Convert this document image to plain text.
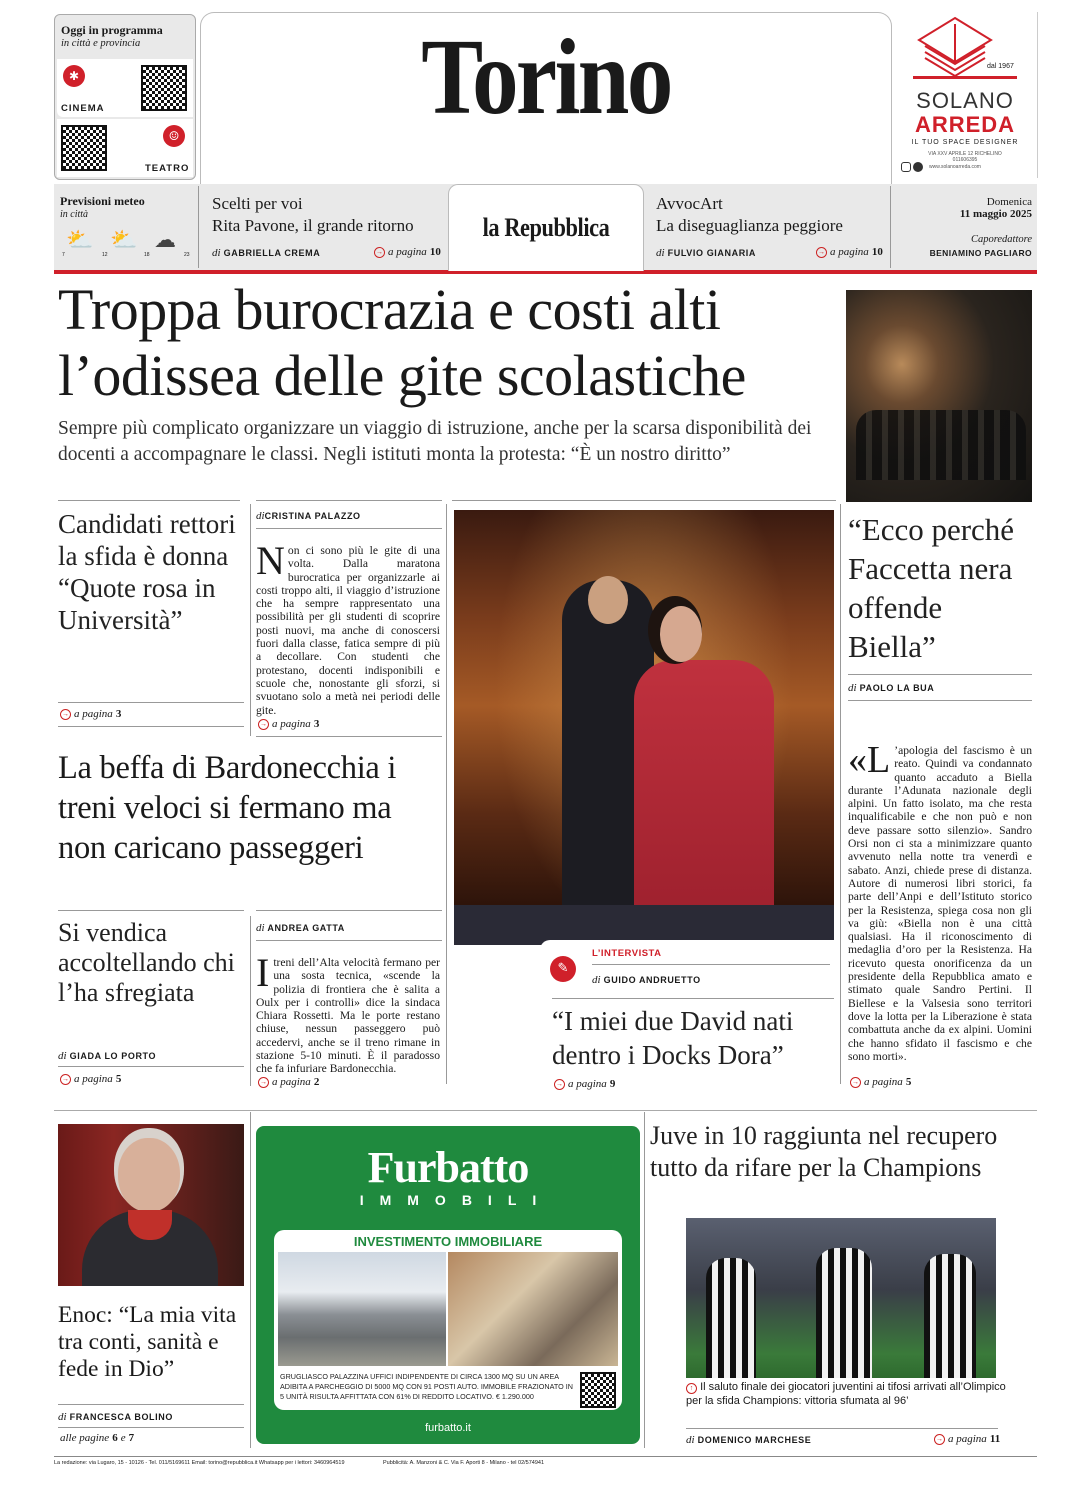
Oggi in programma
in città e provincia
✱
CINEMA
☺
TEATRO
Torino	dal 1967
SOLANO
ARREDA
IL TUO SPACE DESIGNER
VIA XXV APRILE 12 RICHELINO
011606395
www.solanoarreda.com
Previsioni meteo
in città
⛅ ⛅ ☁
7	12	18	23
Scelti per voi
Rita Pavone, il grande ritorno
di GABRIELLA CREMA	→ a pagina 10
la Repubblica
AvvocArt
La diseguaglianza peggiore
di FULVIO GIANARIA	→ a pagina 10
Domenica
11 maggio 2025
Caporedattore
BENIAMINO PAGLIARO
Troppa burocrazia e costi alti
l’odissea delle gite scolastiche
Sempre più complicato organizzare un viaggio di istruzione, anche per la scarsa disponibilità dei docenti a accompagnare le classi. Negli istituti monta la protesta: “È un nostro diritto”
Candidati rettori la sfida è donna “Quote rosa in Università”
→ a pagina 3
diCRISTINA PALAZZO
Non ci sono più le gite di una volta. Dalla maratona burocratica per organizzarle ai costi troppo alti, il viaggio d’istruzione che ha sempre rappresentato una possibilità per gli studenti di scoprire posti nuovi, ma anche di conoscersi fuori dalla classe, fatica sempre di più a decollare. Con studenti che protestano, docenti indisponibili e scuole che, nonostante gli sforzi, si svuotano solo a metà nei periodi delle gite.
→ a pagina 3
✎
L’INTERVISTA
di GUIDO ANDRUETTO
“I miei due David nati dentro i Docks Dora”
→ a pagina 9
La beffa di Bardonecchia i treni veloci si fermano ma non caricano passeggeri
Si vendica accoltellando chi l’ha sfregiata
di GIADA LO PORTO
→ a pagina 5
di ANDREA GATTA
Itreni dell’Alta velocità fermano per una sosta tecnica, «scende la polizia di frontiera che è salita a Oulx per i controlli» dice la sindaca Chiara Rossetti. Ma le porte restano chiuse, nessun passeggero può accedervi, anche se il treno rimane in stazione 5-10 minuti. È il paradosso che fa infuriare Bardonecchia.
→ a pagina 2
“Ecco perché Faccetta nera offende Biella”
di PAOLO LA BUA
«L ’apologia del fascismo è un reato. Quindi va condannato quanto accaduto a Biella durante l’Adunata nazionale degli alpini. Un fatto isolato, ma che resta inqualificabile e che non può e non deve passare sotto silenzio». Sandro Orsi non ci sta a minimizzare quanto avvenuto nella notte tra venerdì e sabato. Anzi, chiede prese di distanza. Autore di numerosi libri storici, fa parte dell’Anpi e dell’Istituto storico per la Resistenza, spiega cosa non gli va giù: «Biella non è una città qualsiasi. Ha il riconoscimento di medaglia d’oro per la Resistenza. Ha ricevuto questa onorificenza da un presidente della Repubblica amato e stimato quale Sandro Pertini. Il Biellese e la Valsesia sono territori dove la lotta per la Liberazione è stata combattuta anche da ex alpini. Uomini che hanno sfidato il fascismo e che sono morti».
→ a pagina 5
Enoc: “La mia vita tra conti, sanità e fede in Dio”
di FRANCESCA BOLINO
alle pagine 6 e 7
Furbatto
IMMOBILI
INVESTIMENTO IMMOBILIARE
GRUGLIASCO PALAZZINA UFFICI INDIPENDENTE DI CIRCA 1300 MQ SU UN AREA ADIBITA A PARCHEGGIO DI 5000 MQ CON 91 POSTI AUTO. IMMOBILE FRAZIONATO IN 5 UNITÀ RISULTA AFFITTATA CON 61% DI REDDITO LOCATIVO. € 1.290.000
furbatto.it
Juve in 10 raggiunta nel recupero tutto da rifare per la Champions
↑ Il saluto finale dei giocatori juventini ai tifosi arrivati all’Olimpico per la sfida Champions: vittoria sfumata al 96’
di DOMENICO MARCHESE	→ a pagina 11
La redazione: via Lugaro, 15 - 10126 - Tel. 011/5169611 Email: torino@repubblica.it Whatsapp per i lettori: 3460964519	Pubblicità: A. Manzoni & C. Via F. Aporti 8 - Milano - tel 02/574941
